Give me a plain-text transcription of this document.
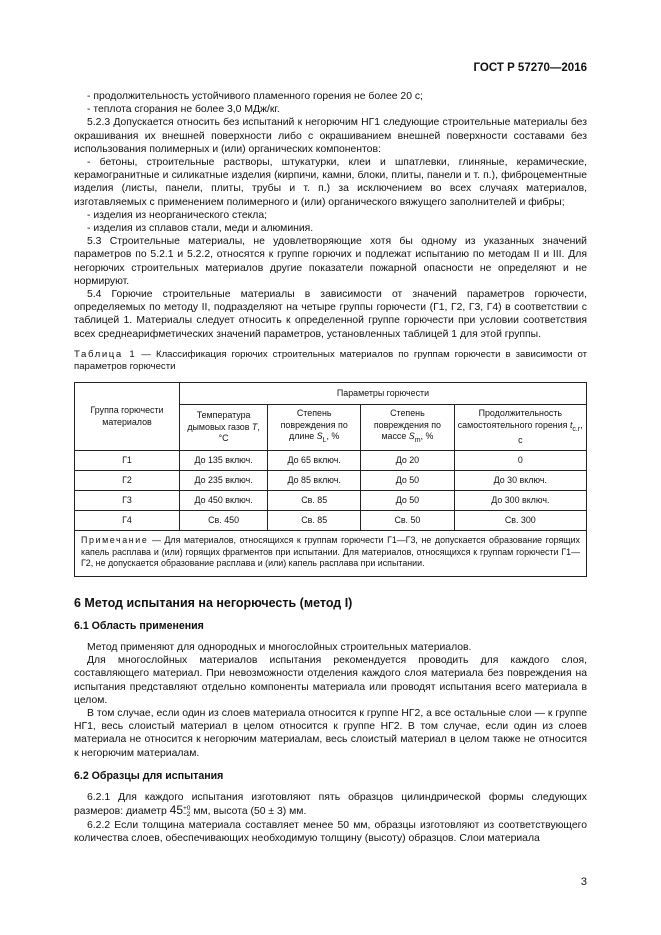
ГОСТ Р 57270—2016

- продолжительность устойчивого пламенного горения не более 20 с;

- теплота сгорания не более 3,0 МДж/кг.

5.2.3 Допускается относить без испытаний к негорючим НГ1 следующие строительные материалы без окрашивания их внешней поверхности либо с окрашиванием внешней поверхности составами без использования полимерных и (или) органических компонентов:

- бетоны, строительные растворы, штукатурки, клеи и шпатлевки, глиняные, керамические, керамогранитные и силикатные изделия (кирпичи, камни, блоки, плиты, панели и т. п.), фиброцементные изделия (листы, панели, плиты, трубы и т. п.) за исключением во всех случаях материалов, изготавляемых с применением полимерного и (или) органического вяжущего заполнителей и фибры;

- изделия из неорганического стекла;

- изделия из сплавов стали, меди и алюминия.

5.3 Строительные материалы, не удовлетворяющие хотя бы одному из указанных значений параметров по 5.2.1 и 5.2.2, относятся к группе горючих и подлежат испытанию по методам II и III. Для негорючих строительных материалов другие показатели пожарной опасности не определяют и не нормируют.

5.4 Горючие строительные материалы в зависимости от значений параметров горючести, определяемых по методу II, подразделяют на четыре группы горючести (Г1, Г2, Г3, Г4) в соответствии с таблицей 1. Материалы следует относить к определенной группе горючести при условии соответствия всех среднеарифметических значений параметров, установленных таблицей 1 для этой группы.

Таблица 1 — Классификация горючих строительных материалов по группам горючести в зависимости от параметров горючести

Группа горючести материалов	Параметры горючести			
	Температура дымовых газов T, °С	Степень повреждения по длине $S_L$, %	Степень повреждения по массе $S_m$, %	Продолжительность самостоятельного горения $t_{с.г}$, с
Г1	До 135 включ.	До 65 включ.	До 20	0
Г2	До 235 включ.	До 85 включ.	До 50	До 30 включ.
Г3	До 450 включ.	Св. 85	До 50	До 300 включ.
Г4	Св. 450	Св. 85	Св. 50	Св. 300
Примечание — Для материалов, относящихся к группам горючести Г1—Г3, не допускается образование горящих капель расплава и (или) горящих фрагментов при испытании. Для материалов, относящихся к группам горючести Г1—Г2, не допускается образование расплава и (или) капель расплава при испытании.				

6 Метод испытания на негорючесть (метод I)

6.1 Область применения

Метод применяют для однородных и многослойных строительных материалов.

Для многослойных материалов испытания рекомендуется проводить для каждого слоя, составляющего материал. При невозможности отделения каждого слоя материала без повреждения на испытания представляют отдельно компоненты материала или проводят испытания всего материала в целом.

В том случае, если один из слоев материала относится к группе НГ2, а все остальные слои — к группе НГ1, весь слоистый материал в целом относится к группе НГ2. В том случае, если один из слоев материала не относится к негорючим материалам, весь слоистый материал в целом также не относится к негорючим материалам.

6.2 Образцы для испытания

6.2.1 Для каждого испытания изготовляют пять образцов цилиндрической формы следующих размеров: диаметр 45 +0
−2 мм, высота (50 ± 3) мм.

6.2.2 Если толщина материала составляет менее 50 мм, образцы изготовляют из соответствующего количества слоев, обеспечивающих необходимую толщину (высоту) образцов. Слои материала

3
